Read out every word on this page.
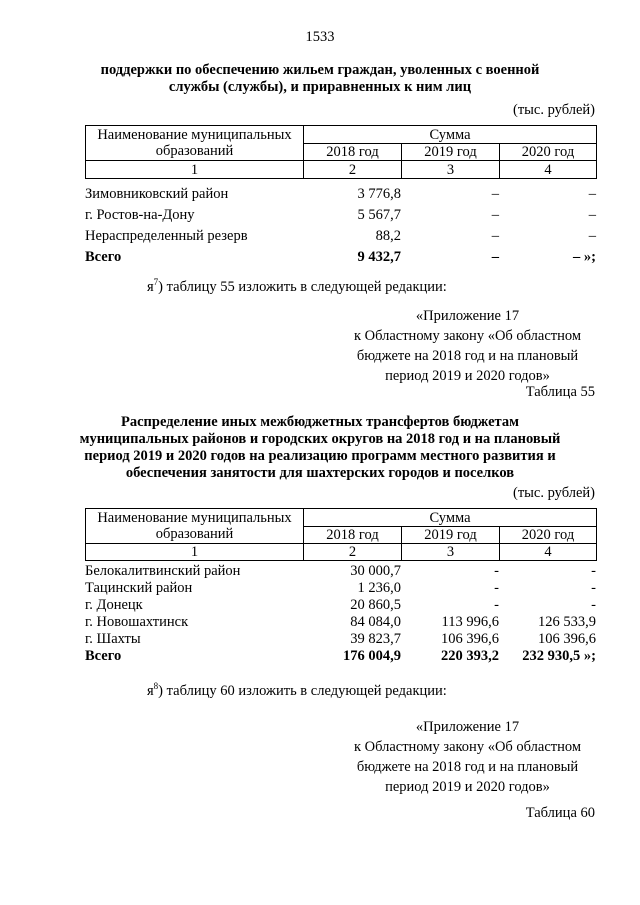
1533
поддержки по обеспечению жильем граждан, уволенных с военной
службы (службы), и приравненных к ним лиц
(тыс. рублей)
Наименование муниципальных
образований	Сумма		
	2018 год	2019 год	2020 год
1	2	3	4
Зимовниковский район	3 776,8	–	–
г. Ростов-на-Дону	5 567,7	–	–
Нераспределенный резерв	88,2	–	–
Всего	9 432,7	–	– »;
$я^7$) таблицу 55 изложить в следующей редакции:
«Приложение 17
к Областному закону «Об областном
бюджете на 2018 год и на плановый
период 2019 и 2020 годов»
Таблица 55
Распределение иных межбюджетных трансфертов бюджетам
муниципальных районов и городских округов на 2018 год и на плановый
период 2019 и 2020 годов на реализацию программ местного развития и
обеспечения занятости для шахтерских городов и поселков
(тыс. рублей)
Наименование муниципальных
образований	Сумма		
	2018 год	2019 год	2020 год
1	2	3	4
Белокалитвинский район	30 000,7	-	-
Тацинский район	1 236,0	-	-
г. Донецк	20 860,5	-	-
г. Новошахтинск	84 084,0	113 996,6	126 533,9
г. Шахты	39 823,7	106 396,6	106 396,6
Всего	176 004,9	220 393,2	232 930,5 »;
$я^8$) таблицу 60 изложить в следующей редакции:
«Приложение 17
к Областному закону «Об областном
бюджете на 2018 год и на плановый
период 2019 и 2020 годов»
Таблица 60
